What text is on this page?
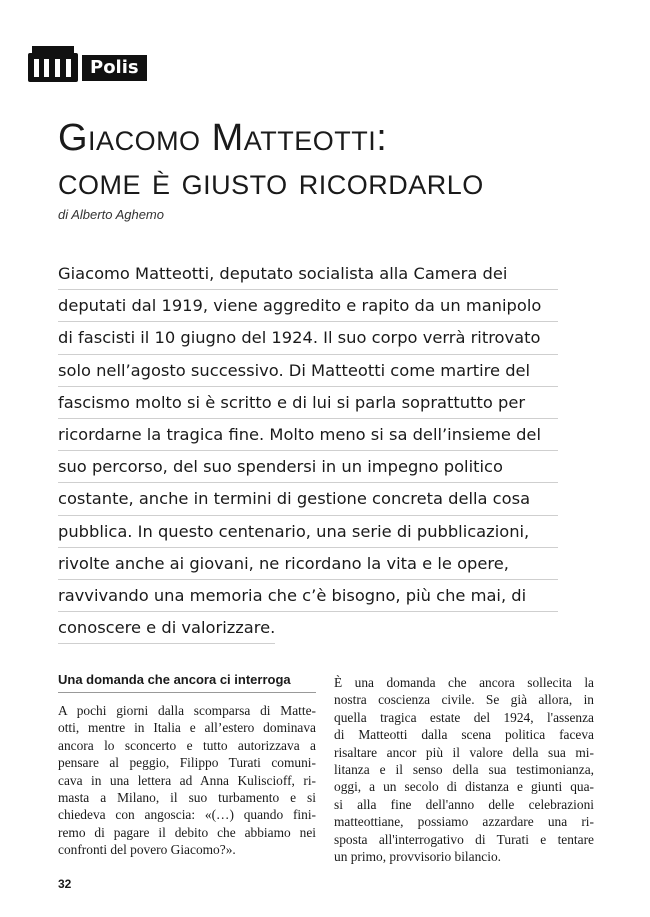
Polis
Giacomo Matteotti:
come è giusto ricordarlo
di Alberto Aghemo
Giacomo Matteotti, deputato socialista alla Camera dei
deputati dal 1919, viene aggredito e rapito da un manipolo
di fascisti il 10 giugno del 1924. Il suo corpo verrà ritrovato
solo nell’agosto successivo. Di Matteotti come martire del
fascismo molto si è scritto e di lui si parla soprattutto per
ricordarne la tragica fine. Molto meno si sa dell’insieme del
suo percorso, del suo spendersi in un impegno politico
costante, anche in termini di gestione concreta della cosa
pubblica. In questo centenario, una serie di pubblicazioni,
rivolte anche ai giovani, ne ricordano la vita e le opere,
ravvivando una memoria che c’è bisogno, più che mai, di
conoscere e di valorizzare.
Una domanda che ancora ci interroga
A pochi giorni dalla scomparsa di Matte-
otti, mentre in Italia e all’estero dominava
ancora lo sconcerto e tutto autorizzava a
pensare al peggio, Filippo Turati comuni-
cava in una lettera ad Anna Kuliscioff, ri-
masta a Milano, il suo turbamento e si
chiedeva con angoscia: «(…) quando fini-
remo di pagare il debito che abbiamo nei
confronti del povero Giacomo?».
È una domanda che ancora sollecita la
nostra coscienza civile. Se già allora, in
quella tragica estate del 1924, l'assenza
di Matteotti dalla scena politica faceva
risaltare ancor più il valore della sua mi-
litanza e il senso della sua testimonianza,
oggi, a un secolo di distanza e giunti qua-
si alla fine dell'anno delle celebrazioni
matteottiane, possiamo azzardare una ri-
sposta all'interrogativo di Turati e tentare
un primo, provvisorio bilancio.
32
